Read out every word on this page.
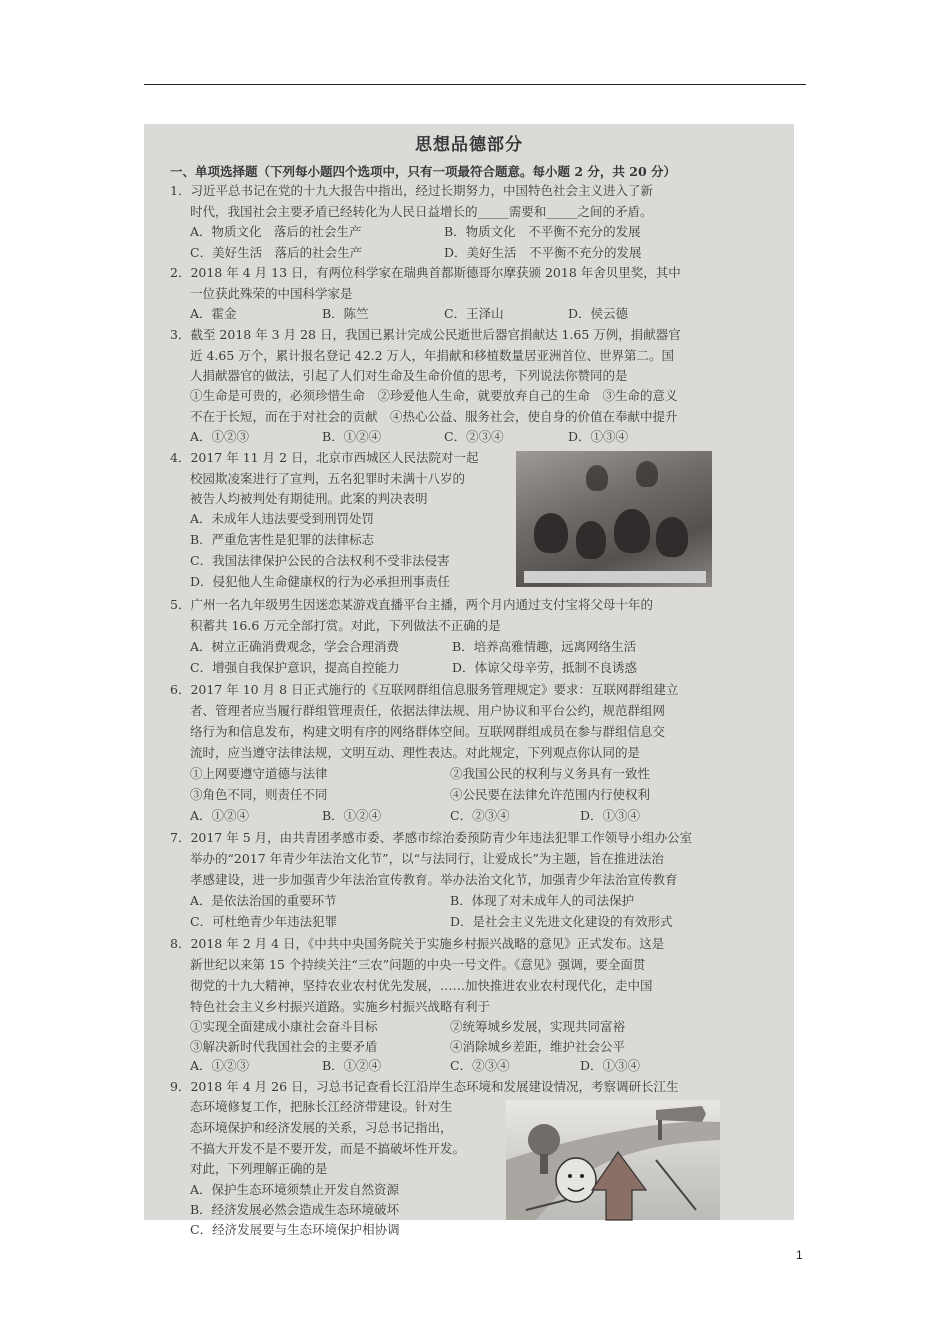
思想品德部分
一、单项选择题（下列每小题四个选项中，只有一项最符合题意。每小题 2 分，共 20 分）
1．习近平总书记在党的十九大报告中指出，经过长期努力，中国特色社会主义进入了新
时代，我国社会主要矛盾已经转化为人民日益增长的_____需要和_____之间的矛盾。
A．物质文化　落后的社会生产	B．物质文化　不平衡不充分的发展
C．美好生活　落后的社会生产	D．美好生活　不平衡不充分的发展
2．2018 年 4 月 13 日，有两位科学家在瑞典首都斯德哥尔摩获颁 2018 年舍贝里奖，其中
一位获此殊荣的中国科学家是
A．霍金	B．陈竺	C．王泽山	D．侯云德
3．截至 2018 年 3 月 28 日，我国已累计完成公民逝世后器官捐献达 1.65 万例，捐献器官
近 4.65 万个，累计报名登记 42.2 万人，年捐献和移植数量居亚洲首位、世界第二。国
人捐献器官的做法，引起了人们对生命及生命价值的思考，下列说法你赞同的是
①生命是可贵的，必须珍惜生命　②珍爱他人生命，就要放弃自己的生命　③生命的意义
不在于长短，而在于对社会的贡献　④热心公益、服务社会，使自身的价值在奉献中提升
A．①②③	B．①②④	C．②③④	D．①③④
4．2017 年 11 月 2 日，北京市西城区人民法院对一起
校园欺凌案进行了宣判，五名犯罪时未满十八岁的
被告人均被判处有期徒刑。此案的判决表明
A．未成年人违法要受到刑罚处罚
B．严重危害性是犯罪的法律标志
C．我国法律保护公民的合法权利不受非法侵害
D．侵犯他人生命健康权的行为必承担刑事责任
5．广州一名九年级男生因迷恋某游戏直播平台主播，两个月内通过支付宝将父母十年的
积蓄共 16.6 万元全部打赏。对此，下列做法不正确的是
A．树立正确消费观念，学会合理消费	B．培养高雅情趣，远离网络生活
C．增强自我保护意识，提高自控能力	D．体谅父母辛劳，抵制不良诱惑
6．2017 年 10 月 8 日正式施行的《互联网群组信息服务管理规定》要求：互联网群组建立
者、管理者应当履行群组管理责任，依据法律法规、用户协议和平台公约，规范群组网
络行为和信息发布，构建文明有序的网络群体空间。互联网群组成员在参与群组信息交
流时，应当遵守法律法规，文明互动、理性表达。对此规定，下列观点你认同的是
①上网要遵守道德与法律	②我国公民的权利与义务具有一致性
③角色不同，则责任不同	④公民要在法律允许范围内行使权利
A．①②④	B．①②④	C．②③④	D．①③④
7．2017 年 5 月，由共青团孝感市委、孝感市综治委预防青少年违法犯罪工作领导小组办公室
举办的“2017 年青少年法治文化节”，以“与法同行，让爱成长”为主题，旨在推进法治
孝感建设，进一步加强青少年法治宣传教育。举办法治文化节，加强青少年法治宣传教育
A．是依法治国的重要环节	B．体现了对未成年人的司法保护
C．可杜绝青少年违法犯罪	D．是社会主义先进文化建设的有效形式
8．2018 年 2 月 4 日，《中共中央国务院关于实施乡村振兴战略的意见》正式发布。这是
新世纪以来第 15 个持续关注“三农”问题的中央一号文件。《意见》强调，要全面贯
彻党的十九大精神，坚持农业农村优先发展，……加快推进农业农村现代化，走中国
特色社会主义乡村振兴道路。实施乡村振兴战略有利于
①实现全面建成小康社会奋斗目标	②统筹城乡发展，实现共同富裕
③解决新时代我国社会的主要矛盾	④消除城乡差距，维护社会公平
A．①②③	B．①②④	C．②③④	D．①③④
9．2018 年 4 月 26 日，习总书记查看长江沿岸生态环境和发展建设情况，考察调研长江生
态环境修复工作，把脉长江经济带建设。针对生
态环境保护和经济发展的关系，习总书记指出，
不搞大开发不是不要开发，而是不搞破坏性开发。
对此，下列理解正确的是
A．保护生态环境须禁止开发自然资源
B．经济发展必然会造成生态环境破坏
C．经济发展要与生态环境保护相协调
1
